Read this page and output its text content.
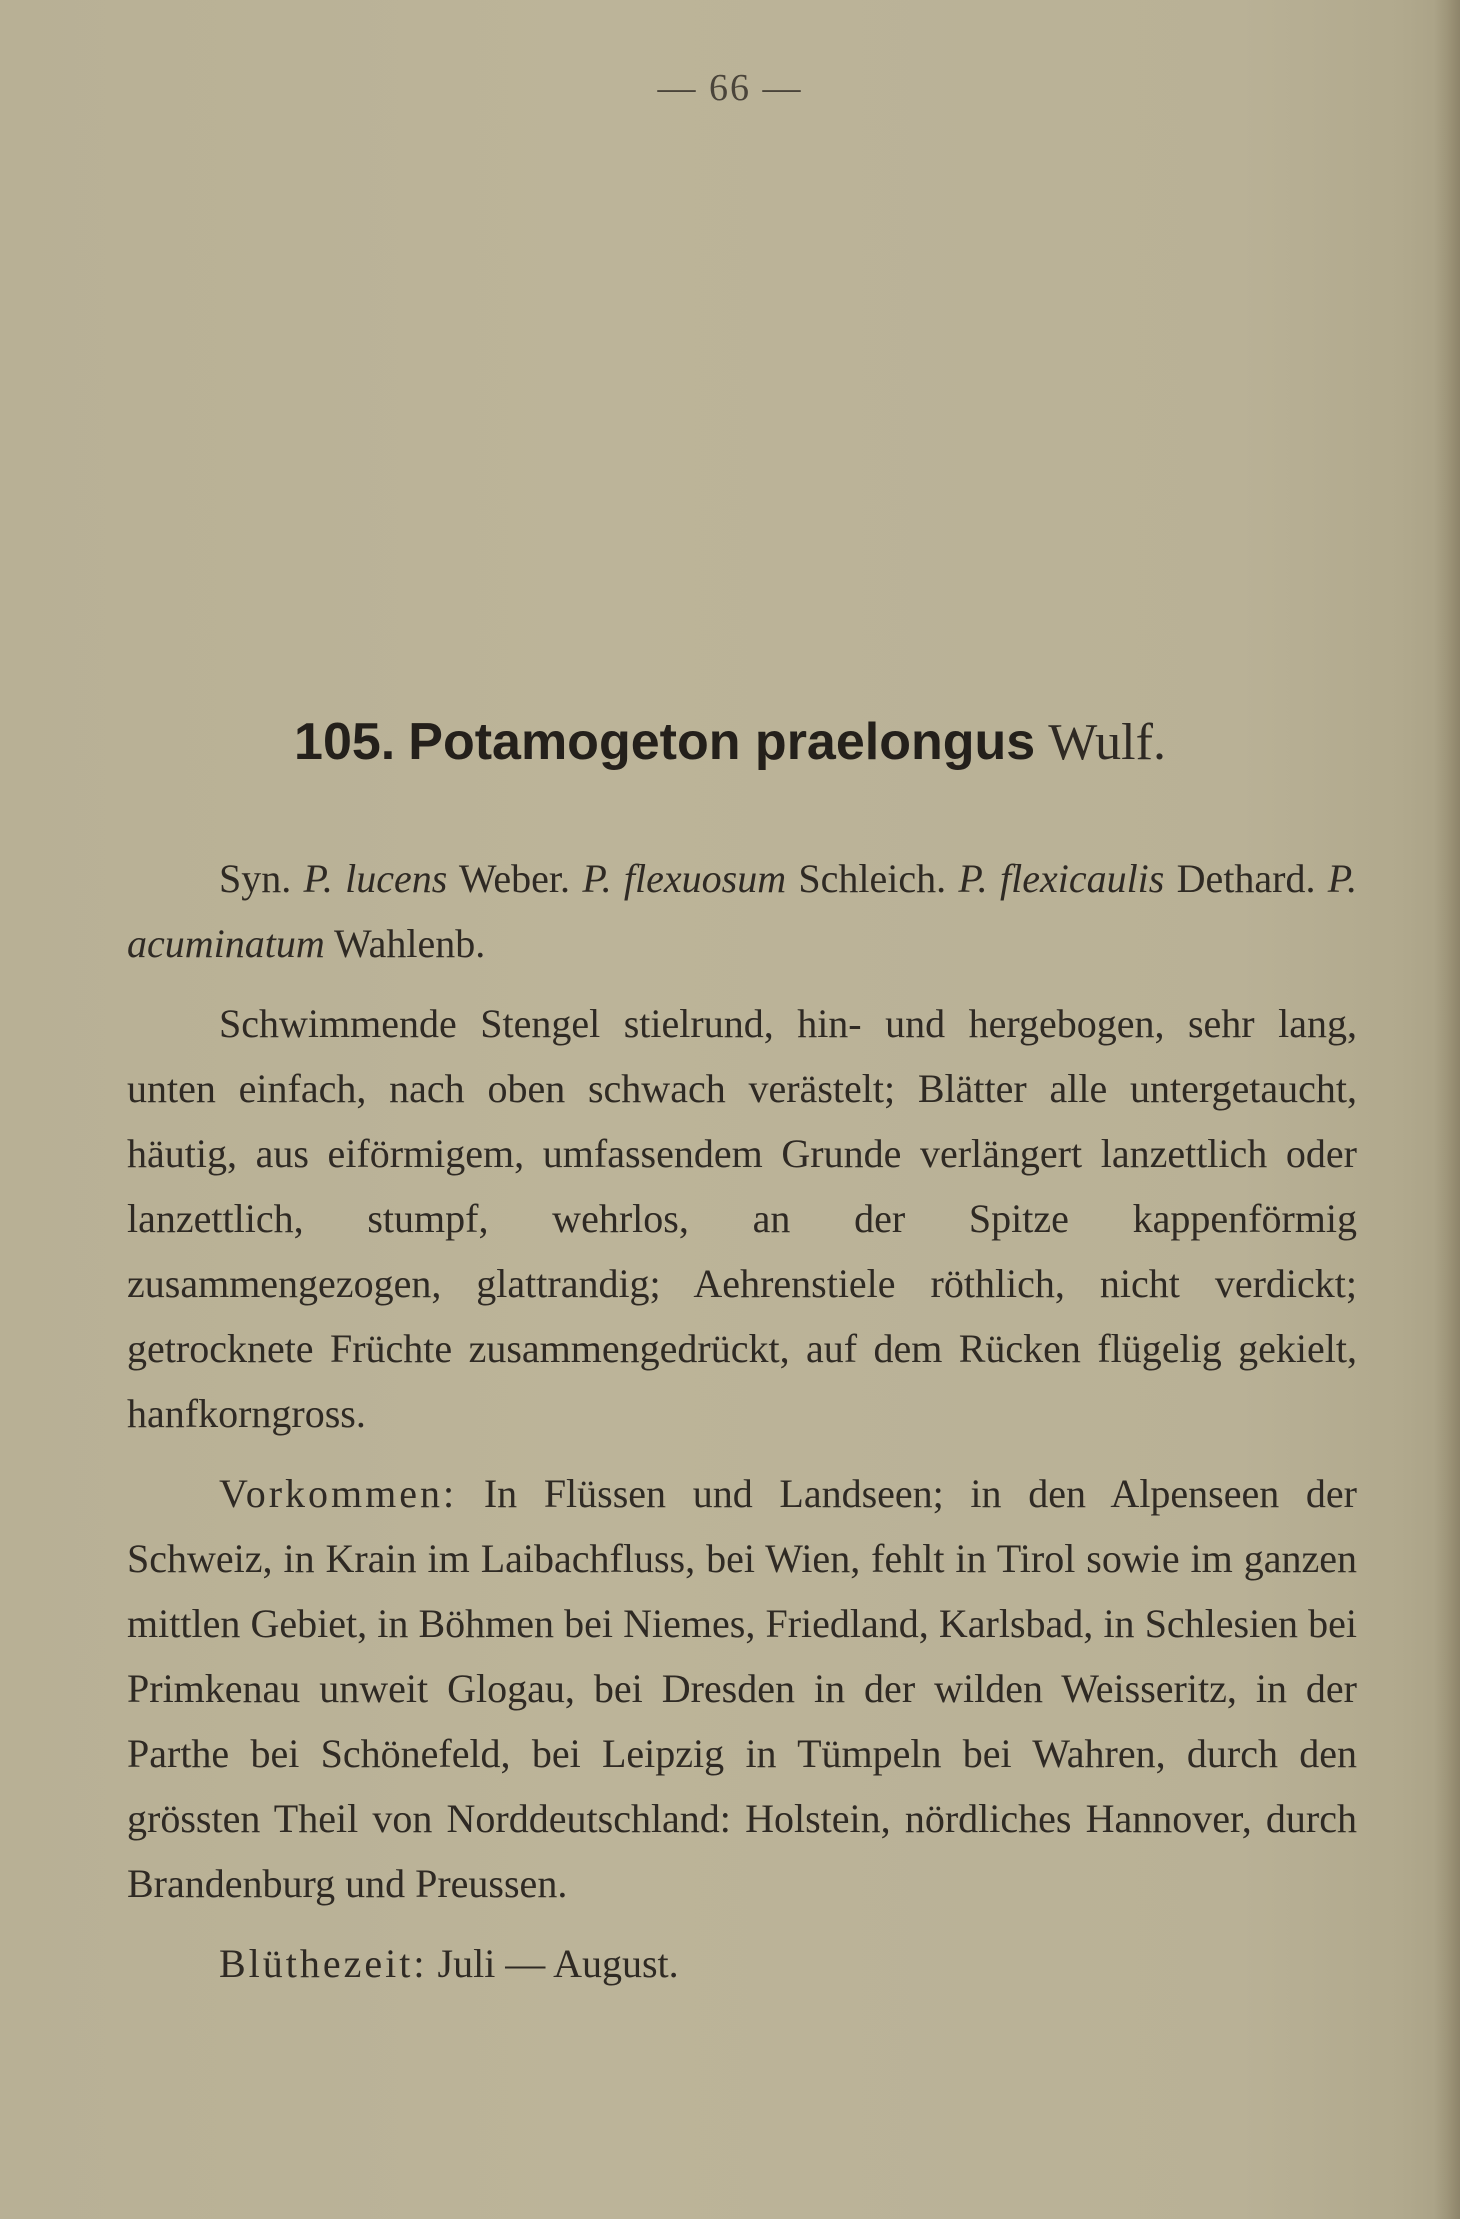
— 66 —
105. Potamogeton praelongus Wulf.

Syn. P. lucens Weber. P. flexuosum Schleich. P. flexicaulis Dethard. P. acuminatum Wahlenb.

Schwimmende Stengel stielrund, hin- und hergebogen, sehr lang, unten einfach, nach oben schwach verästelt; Blätter alle untergetaucht, häutig, aus eiförmigem, umfassendem Grunde verlängert lanzettlich oder lanzettlich, stumpf, wehrlos, an der Spitze kappenförmig zusammengezogen, glattrandig; Aehrenstiele röthlich, nicht verdickt; getrocknete Früchte zusammengedrückt, auf dem Rücken flügelig gekielt, hanfkorngross.

Vorkommen: In Flüssen und Landseen; in den Alpenseen der Schweiz, in Krain im Laibachfluss, bei Wien, fehlt in Tirol sowie im ganzen mittlen Gebiet, in Böhmen bei Niemes, Friedland, Karlsbad, in Schlesien bei Primkenau unweit Glogau, bei Dresden in der wilden Weisseritz, in der Parthe bei Schönefeld, bei Leipzig in Tümpeln bei Wahren, durch den grössten Theil von Norddeutschland: Holstein, nördliches Hannover, durch Brandenburg und Preussen.

Blüthezeit: Juli — August.
